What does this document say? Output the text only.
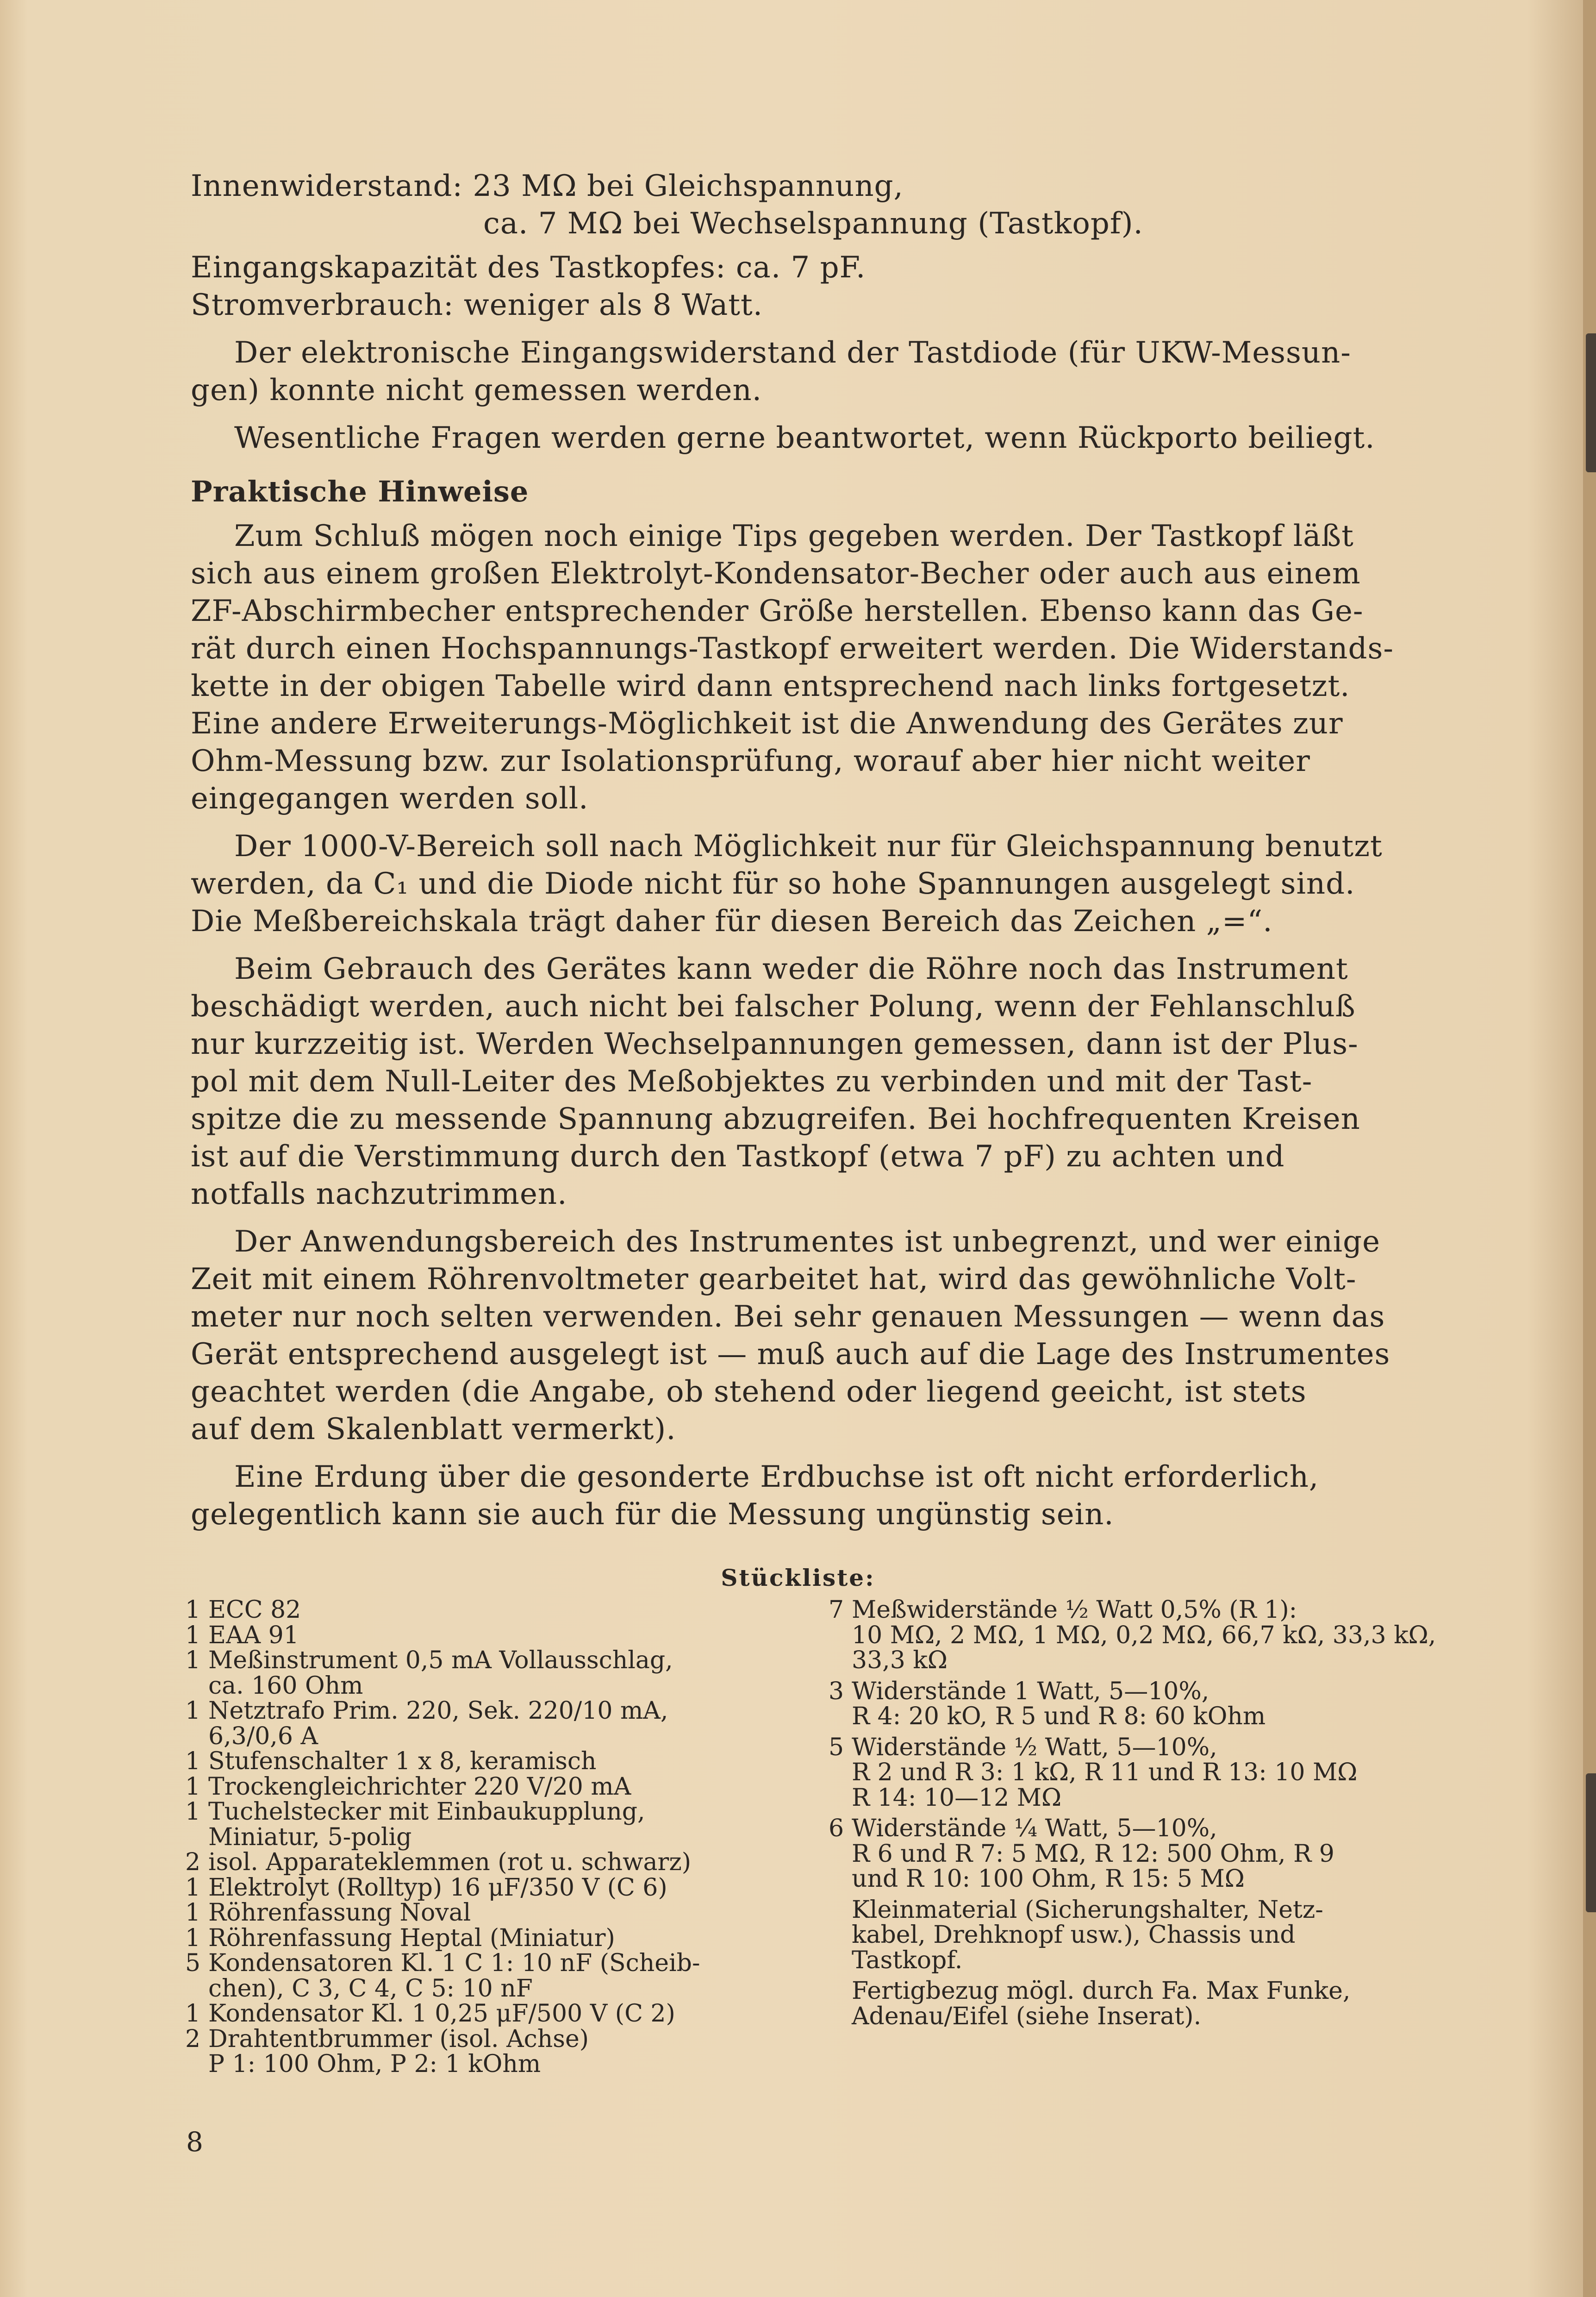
Innenwiderstand: 23 MΩ bei Gleichspannung,
ca. 7 MΩ bei Wechselspannung (Tastkopf).
Eingangskapazität des Tastkopfes: ca. 7 pF.
Stromverbrauch: weniger als 8 Watt.
Der elektronische Eingangswiderstand der Tastdiode (für UKW-Messun-
gen) konnte nicht gemessen werden.
Wesentliche Fragen werden gerne beantwortet, wenn Rückporto beiliegt.
Praktische Hinweise
Zum Schluß mögen noch einige Tips gegeben werden. Der Tastkopf läßt
sich aus einem großen Elektrolyt-Kondensator-Becher oder auch aus einem
ZF-Abschirmbecher entsprechender Größe herstellen. Ebenso kann das Ge-
rät durch einen Hochspannungs-Tastkopf erweitert werden. Die Widerstands-
kette in der obigen Tabelle wird dann entsprechend nach links fortgesetzt.
Eine andere Erweiterungs-Möglichkeit ist die Anwendung des Gerätes zur
Ohm-Messung bzw. zur Isolationsprüfung, worauf aber hier nicht weiter
eingegangen werden soll.
Der 1000-V-Bereich soll nach Möglichkeit nur für Gleichspannung benutzt
werden, da C₁ und die Diode nicht für so hohe Spannungen ausgelegt sind.
Die Meßbereichskala trägt daher für diesen Bereich das Zeichen „=“.
Beim Gebrauch des Gerätes kann weder die Röhre noch das Instrument
beschädigt werden, auch nicht bei falscher Polung, wenn der Fehlanschluß
nur kurzzeitig ist. Werden Wechselpannungen gemessen, dann ist der Plus-
pol mit dem Null-Leiter des Meßobjektes zu verbinden und mit der Tast-
spitze die zu messende Spannung abzugreifen. Bei hochfrequenten Kreisen
ist auf die Verstimmung durch den Tastkopf (etwa 7 pF) zu achten und
notfalls nachzutrimmen.
Der Anwendungsbereich des Instrumentes ist unbegrenzt, und wer einige
Zeit mit einem Röhrenvoltmeter gearbeitet hat, wird das gewöhnliche Volt-
meter nur noch selten verwenden. Bei sehr genauen Messungen — wenn das
Gerät entsprechend ausgelegt ist — muß auch auf die Lage des Instrumentes
geachtet werden (die Angabe, ob stehend oder liegend geeicht, ist stets
auf dem Skalenblatt vermerkt).
Eine Erdung über die gesonderte Erdbuchse ist oft nicht erforderlich,
gelegentlich kann sie auch für die Messung ungünstig sein.
Stückliste:
1 ECC 82
1 EAA 91
1 Meßinstrument 0,5 mA Vollausschlag,
ca. 160 Ohm
1 Netztrafo Prim. 220, Sek. 220/10 mA,
6,3/0,6 A
1 Stufenschalter 1 x 8, keramisch
1 Trockengleichrichter 220 V/20 mA
1 Tuchelstecker mit Einbaukupplung,
Miniatur, 5-polig
2 isol. Apparateklemmen (rot u. schwarz)
1 Elektrolyt (Rolltyp) 16 μF/350 V (C 6)
1 Röhrenfassung Noval
1 Röhrenfassung Heptal (Miniatur)
5 Kondensatoren Kl. 1 C 1: 10 nF (Scheib-
chen), C 3, C 4, C 5: 10 nF
1 Kondensator Kl. 1 0,25 μF/500 V (C 2)
2 Drahtentbrummer (isol. Achse)
P 1: 100 Ohm, P 2: 1 kOhm
7 Meßwiderstände ½ Watt 0,5% (R 1):
10 MΩ, 2 MΩ, 1 MΩ, 0,2 MΩ, 66,7 kΩ, 33,3 kΩ,
33,3 kΩ
3 Widerstände 1 Watt, 5—10%,
R 4: 20 kO, R 5 und R 8: 60 kOhm
5 Widerstände ½ Watt, 5—10%,
R 2 und R 3: 1 kΩ, R 11 und R 13: 10 MΩ
R 14: 10—12 MΩ
6 Widerstände ¼ Watt, 5—10%,
R 6 und R 7: 5 MΩ, R 12: 500 Ohm, R 9
und R 10: 100 Ohm, R 15: 5 MΩ
Kleinmaterial (Sicherungshalter, Netz-
kabel, Drehknopf usw.), Chassis und
Tastkopf.
Fertigbezug mögl. durch Fa. Max Funke,
Adenau/Eifel (siehe Inserat).
8
